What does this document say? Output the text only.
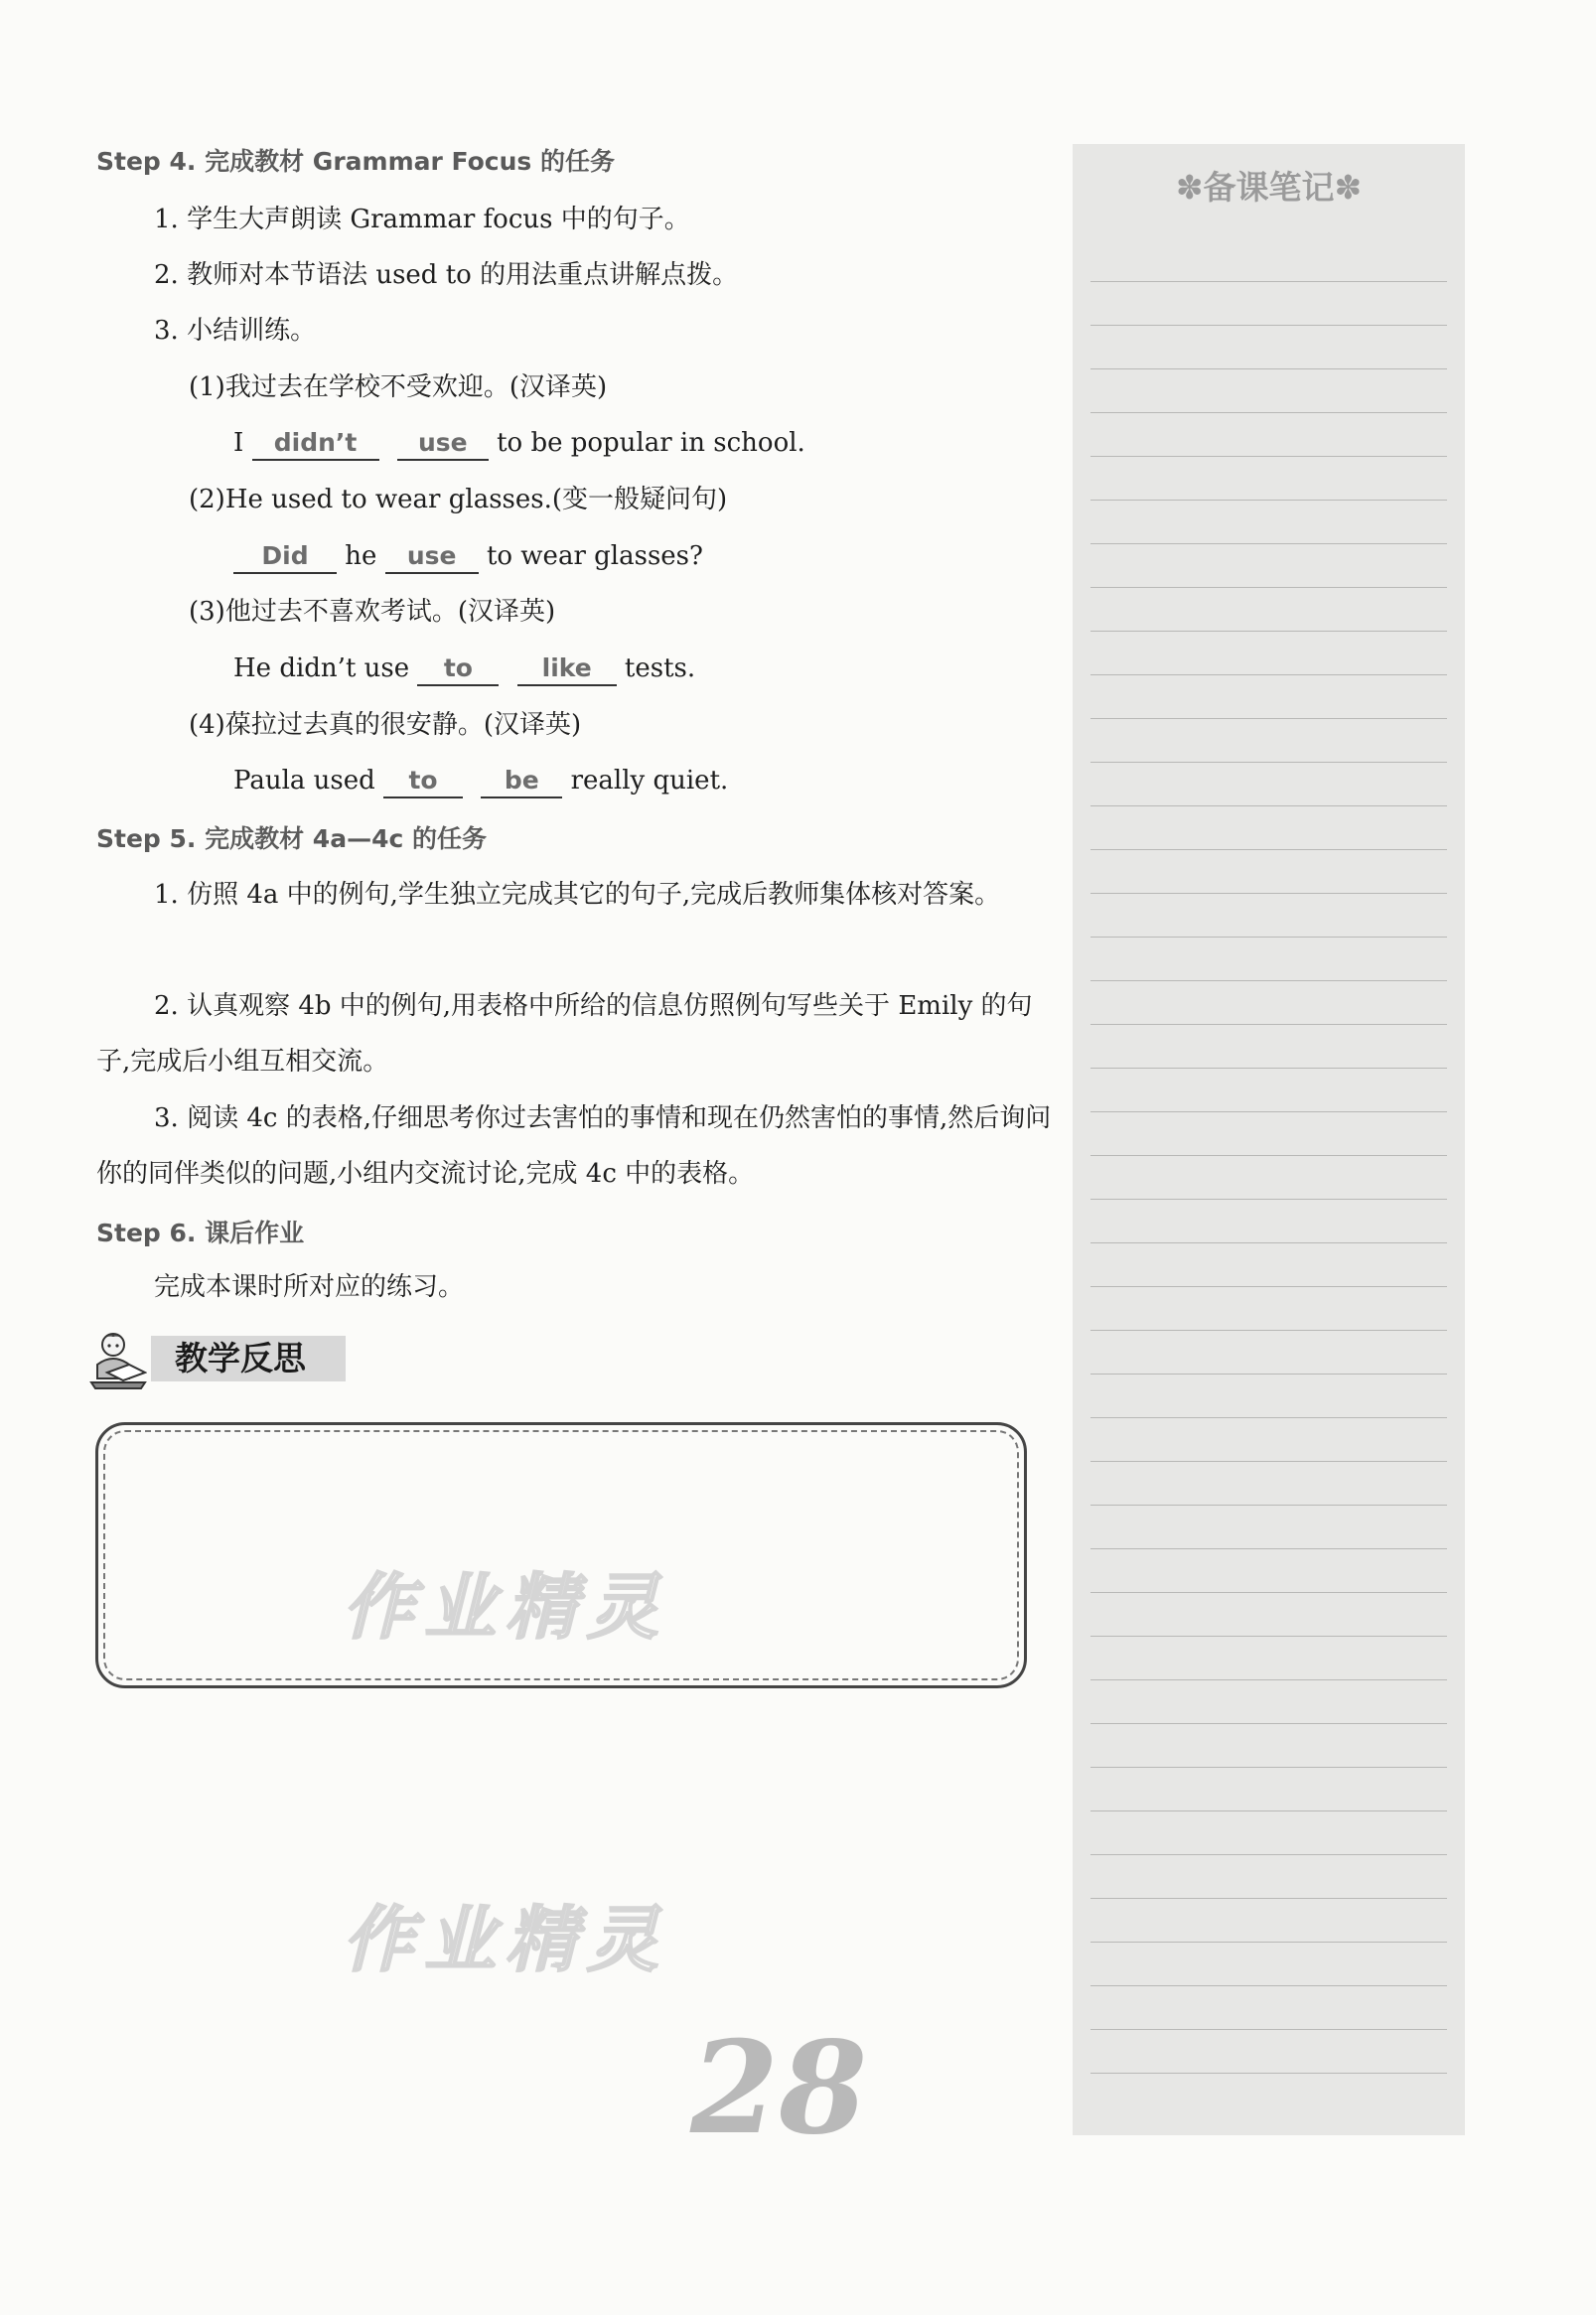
Step 4. 完成教材 Grammar Focus 的任务
1. 学生大声朗读 Grammar focus 中的句子。
2. 教师对本节语法 used to 的用法重点讲解点拨。
3. 小结训练。
(1)我过去在学校不受欢迎。(汉译英)
I didn’t use to be popular in school.
(2)He used to wear glasses.(变一般疑问句)
Did he use to wear glasses?
(3)他过去不喜欢考试。(汉译英)
He didn’t use to	like tests.
(4)葆拉过去真的很安静。(汉译英)
Paula used to	be really quiet.
Step 5. 完成教材 4a—4c 的任务
1. 仿照 4a 中的例句,学生独立完成其它的句子,完成后教师集体核对答案。
2. 认真观察 4b 中的例句,用表格中所给的信息仿照例句写些关于 Emily 的句子,完成后小组互相交流。
3. 阅读 4c 的表格,仔细思考你过去害怕的事情和现在仍然害怕的事情,然后询问你的同伴类似的问题,小组内交流讨论,完成 4c 中的表格。
Step 6. 课后作业
完成本课时所对应的练习。
教学反思
作业精灵
作业精灵
✽备课笔记✽
28
